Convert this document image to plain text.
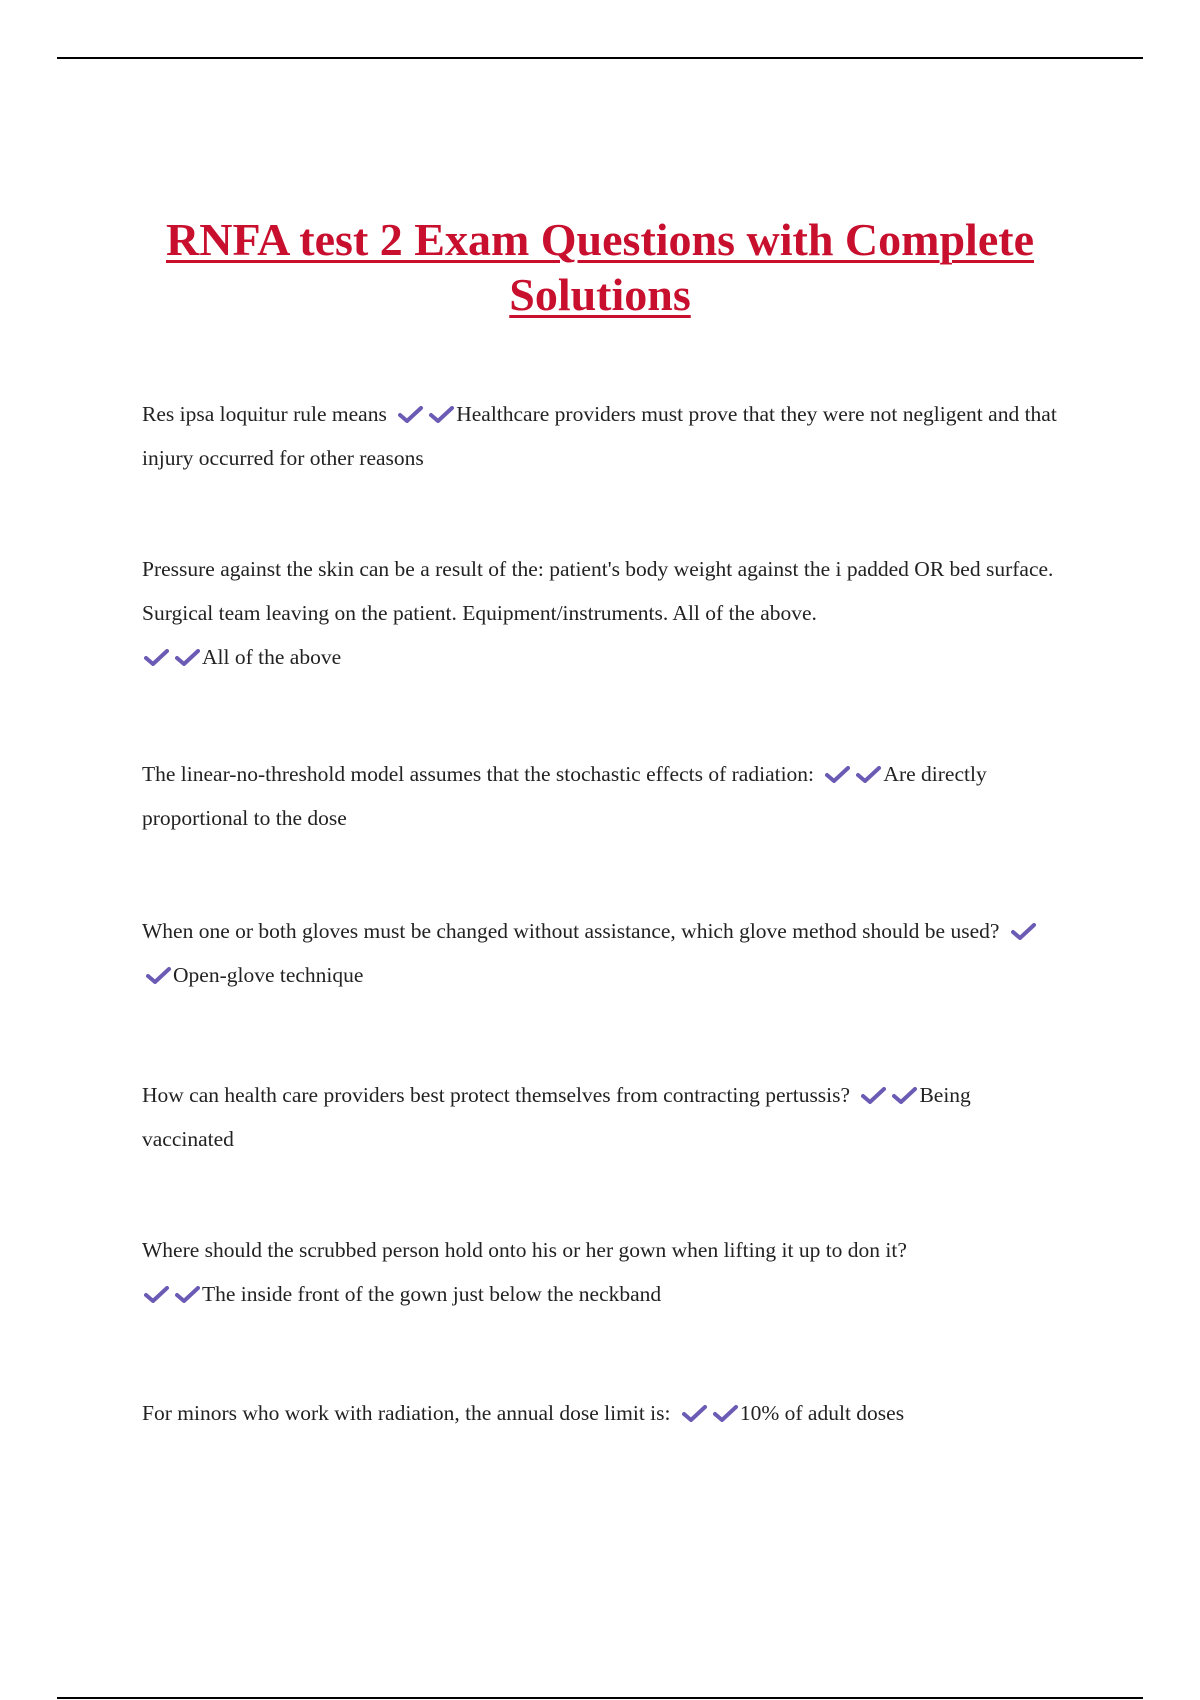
RNFA test 2 Exam Questions with Complete Solutions

Res ipsa loquitur rule means	Healthcare providers must prove that they were not negligent and that injury occurred for other reasons

Pressure against the skin can be a result of the: patient's body weight against the i padded OR bed surface. Surgical team leaving on the patient. Equipment/instruments. All of the above.

All of the above

The linear-no-threshold model assumes that the stochastic effects of radiation:	Are directly proportional to the dose

When one or both gloves must be changed without assistance, which glove method should be used?
Open-glove technique

How can health care providers best protect themselves from contracting pertussis?	Being vaccinated

Where should the scrubbed person hold onto his or her gown when lifting it up to don it?

The inside front of the gown just below the neckband

For minors who work with radiation, the annual dose limit is:	10% of adult doses
